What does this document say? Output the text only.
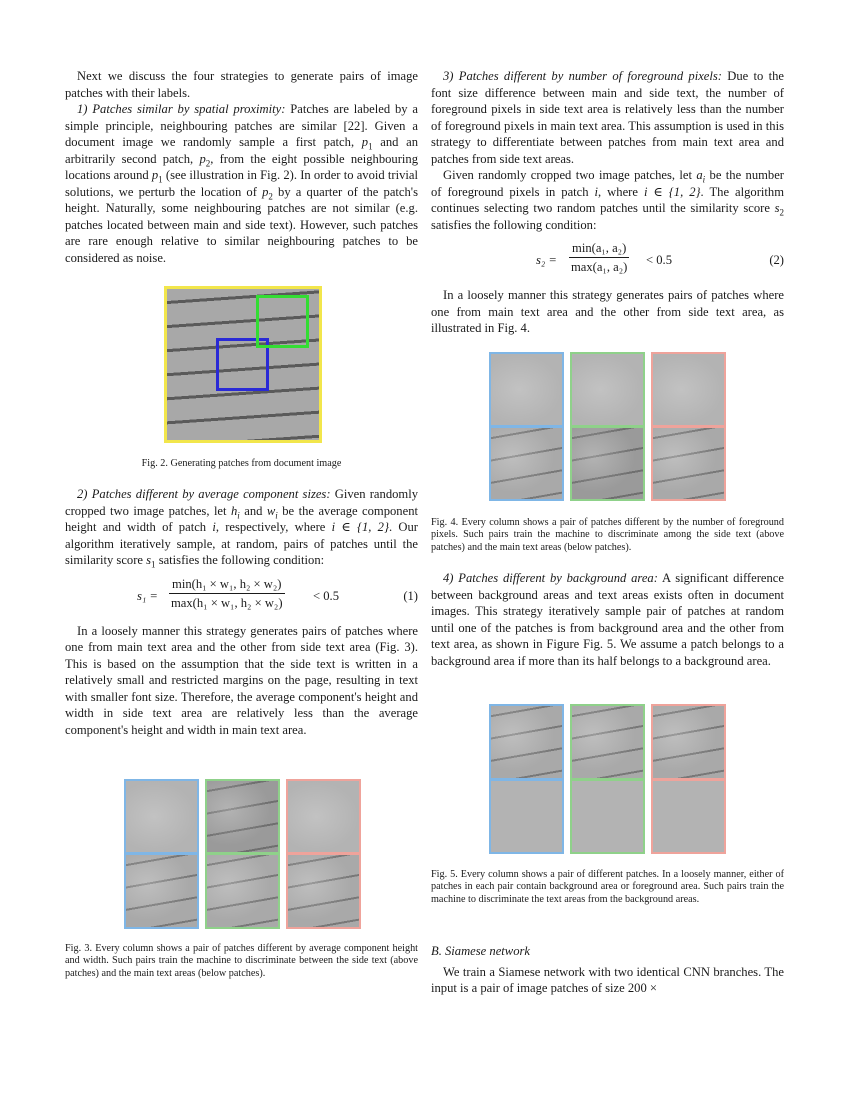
Next we discuss the four strategies to generate pairs of image patches with their labels.

1) Patches similar by spatial proximity: Patches are labeled by a simple principle, neighbouring patches are similar [22]. Given a document image we randomly sample a first patch, $p_1$ and an arbitrarily second patch, $p_2$, from the eight possible neighbouring locations around $p_1$ (see illustration in Fig. 2). In order to avoid trivial solutions, we perturb the location of $p_2$ by a quarter of the patch's height. Naturally, some neighbouring patches are not similar (e.g. patches located between main and side text). However, such patches are rare enough relative to similar neighbouring patches to be considered as noise.

Fig. 2. Generating patches from document image

2) Patches different by average component sizes: Given randomly cropped two image patches, let $h_i$ and $w_i$ be the average component height and width of patch i, respectively, where i ∈ {1, 2}. Our algorithm iteratively sample, at random, pairs of patches until the similarity score $s_1$ satisfies the following condition:

s₁ =
min(h₁ × w₁, h₂ × w₂)
max(h₁ × w₁, h₂ × w₂) < 0.5	(1)

In a loosely manner this strategy generates pairs of patches where one from main text area and the other from side text area (Fig. 3). This is based on the assumption that the side text is written in a relatively small and restricted margins on the page, resulting in text with smaller font size. Therefore, the average component's height and width in side text area are relatively less than the average component's height and width in main text area.

Fig. 3. Every column shows a pair of patches different by average component height and width. Such pairs train the machine to discriminate between the side text (above patches) and the main text areas (below patches).

3) Patches different by number of foreground pixels: Due to the font size difference between main and side text, the number of foreground pixels in side text area is relatively less than the number of foreground pixels in main text area. This assumption is used in this strategy to differentiate between patches from main text area and patches from side text areas.

Given randomly cropped two image patches, let $a_i$ be the number of foreground pixels in patch i, where i ∈ {1, 2}. The algorithm continues selecting two random patches until the similarity score $s_2$ satisfies the following condition:

s₂ =
min(a₁, a₂)
max(a₁, a₂) < 0.5	(2)

In a loosely manner this strategy generates pairs of patches where one from main text area and the other from side text area, as illustrated in Fig. 4.

Fig. 4. Every column shows a pair of patches different by the number of foreground pixels. Such pairs train the machine to discriminate among the side text (above patches) and the main text areas (below patches).

4) Patches different by background area: A significant difference between background areas and text areas exists often in document images. This strategy iteratively sample pair of patches at random until one of the patches is from background area and the other from text area, as shown in Figure Fig. 5. We assume a patch belongs to a background area if more than its half belongs to a background area.

Fig. 5. Every column shows a pair of different patches. In a loosely manner, either of patches in each pair contain background area or foreground area. Such pairs train the machine to discriminate the text areas from the background areas.

B. Siamese network

We train a Siamese network with two identical CNN branches. The input is a pair of image patches of size 200 ×
